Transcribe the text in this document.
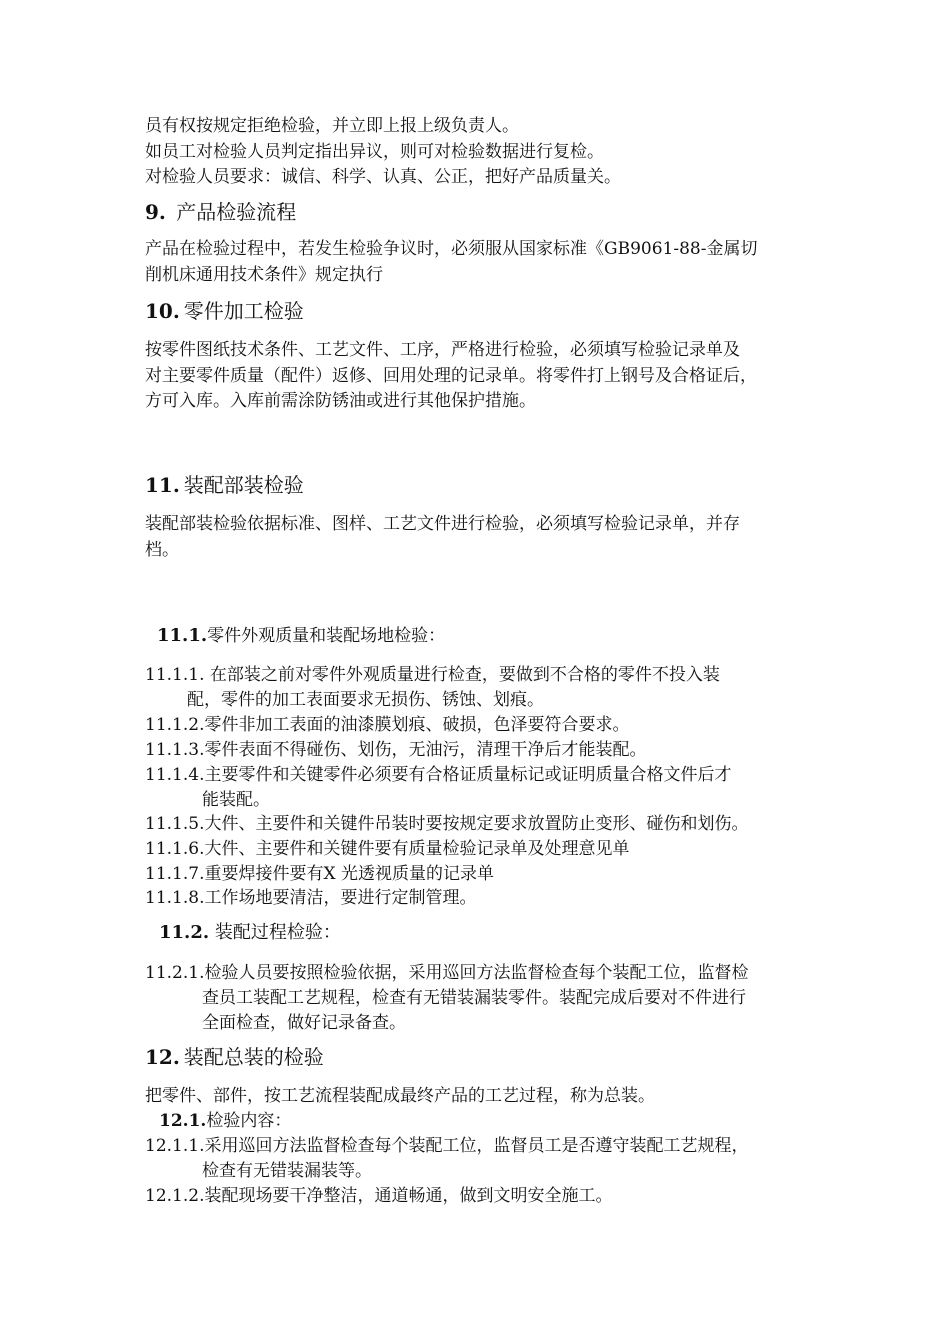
员有权按规定拒绝检验，并立即上报上级负责人。
如员工对检验人员判定指出异议，则可对检验数据进行复检。
对检验人员要求：诚信、科学、认真、公正，把好产品质量关。
9. 产品检验流程
产品在检验过程中，若发生检验争议时，必须服从国家标准《GB9061-88-金属切
削机床通用技术条件》规定执行
10. 零件加工检验
按零件图纸技术条件、工艺文件、工序，严格进行检验，必须填写检验记录单及
对主要零件质量（配件）返修、回用处理的记录单。将零件打上钢号及合格证后，
方可入库。入库前需涂防锈油或进行其他保护措施。
11. 装配部装检验
装配部装检验依据标准、图样、工艺文件进行检验，必须填写检验记录单，并存
档。
11.1.零件外观质量和装配场地检验：
11.1.1. 在部装之前对零件外观质量进行检查，要做到不合格的零件不投入装
配，零件的加工表面要求无损伤、锈蚀、划痕。
11.1.2.零件非加工表面的油漆膜划痕、破损，色泽要符合要求。
11.1.3.零件表面不得碰伤、划伤，无油污，清理干净后才能装配。
11.1.4.主要零件和关键零件必须要有合格证质量标记或证明质量合格文件后才
能装配。
11.1.5.大件、主要件和关键件吊装时要按规定要求放置防止变形、碰伤和划伤。
11.1.6.大件、主要件和关键件要有质量检验记录单及处理意见单
11.1.7.重要焊接件要有X 光透视质量的记录单
11.1.8.工作场地要清洁，要进行定制管理。
11.2. 装配过程检验：
11.2.1.检验人员要按照检验依据，采用巡回方法监督检查每个装配工位，监督检
查员工装配工艺规程，检查有无错装漏装零件。装配完成后要对不件进行
全面检查，做好记录备查。
12. 装配总装的检验
把零件、部件，按工艺流程装配成最终产品的工艺过程，称为总装。
12.1.检验内容：
12.1.1.采用巡回方法监督检查每个装配工位，监督员工是否遵守装配工艺规程，
检查有无错装漏装等。
12.1.2.装配现场要干净整洁，通道畅通，做到文明安全施工。
